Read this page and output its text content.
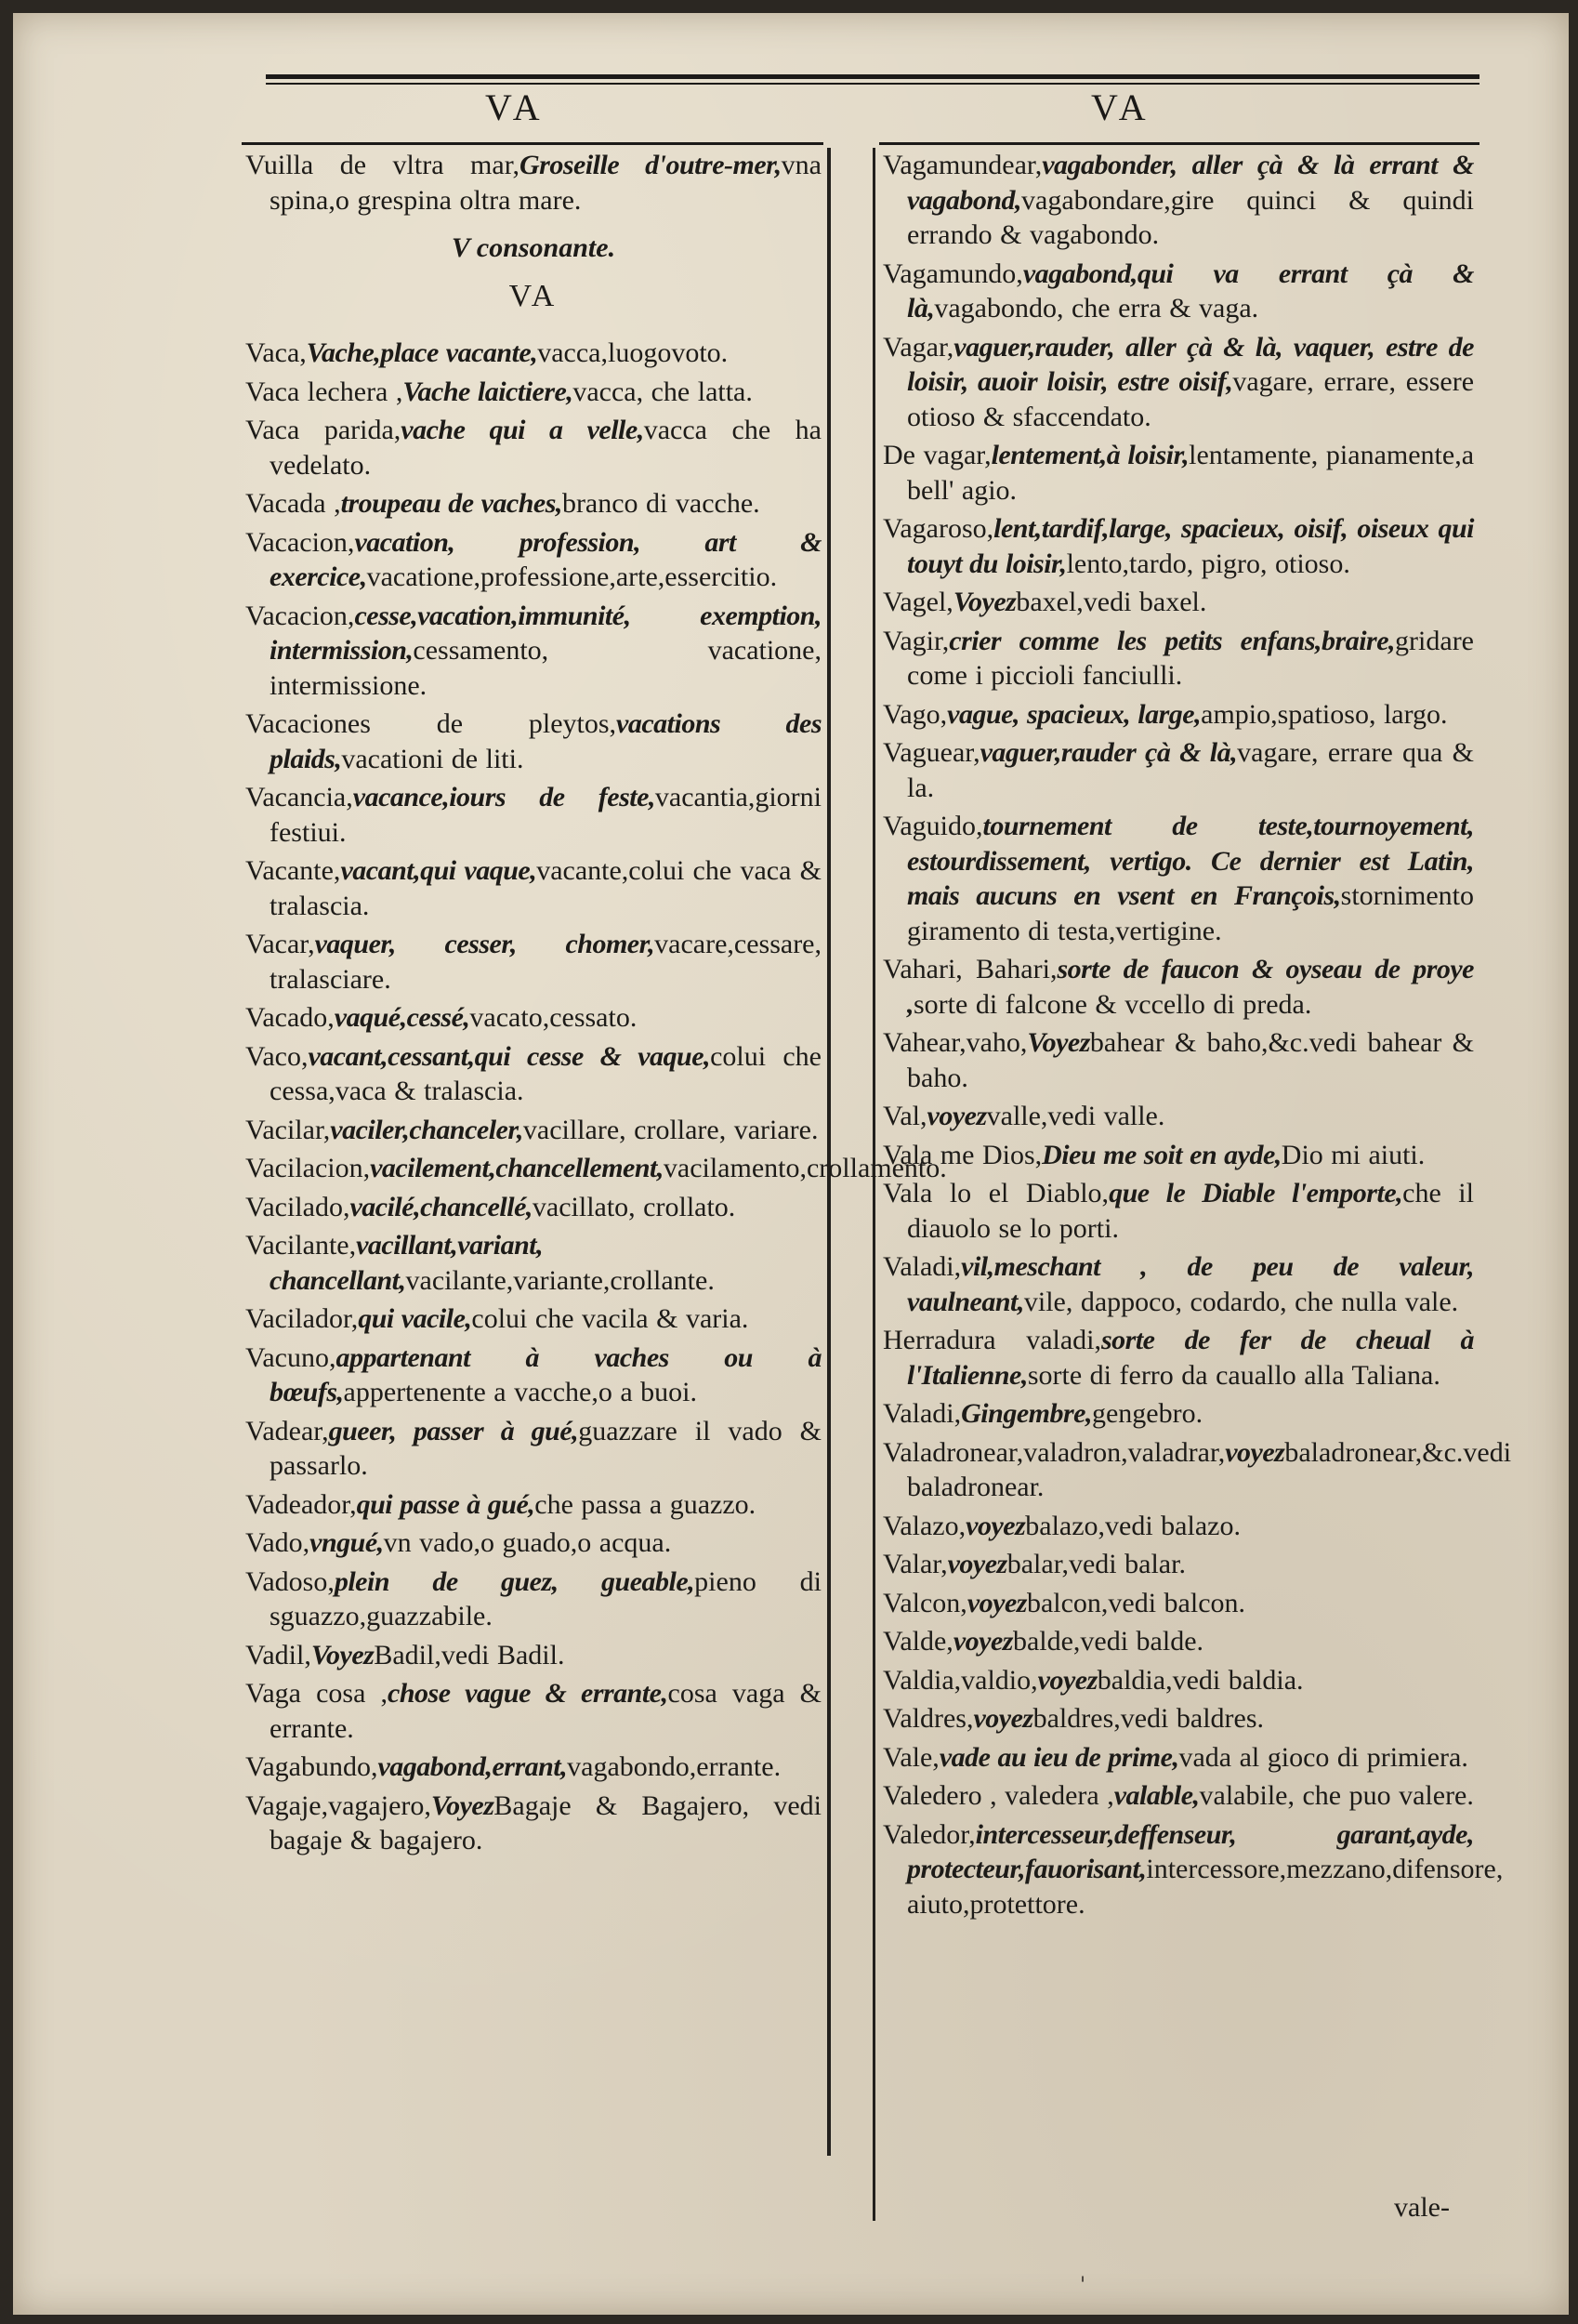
VA	VA

Vuilla de vltra mar,Groseille d'outre-mer,vna spina,o grespina oltra mare.

V consonante.
VA

Vaca,Vache,place vacante,vacca,luogovoto.

Vaca lechera ,Vache laictiere,vacca, che latta.

Vaca parida,vache qui a velle,vacca che ha vedelato.

Vacada ,troupeau de vaches,branco di vacche.

Vacacion,vacation, profession, art & exercice,vacatione,professione,arte,essercitio.

Vacacion,cesse,vacation,immunité, exemption, intermission,cessamento, vacatione, intermissione.

Vacaciones de pleytos,vacations des plaids,vacationi de liti.

Vacancia,vacance,iours de feste,vacantia,giorni festiui.

Vacante,vacant,qui vaque,vacante,colui che vaca & tralascia.

Vacar,vaquer, cesser, chomer,vacare,cessare, tralasciare.

Vacado,vaqué,cessé,vacato,cessato.

Vaco,vacant,cessant,qui cesse & vaque,colui che cessa,vaca & tralascia.

Vacilar,vaciler,chanceler,vacillare, crollare, variare.

Vacilacion,vacilement,chancellement,vacilamento,crollamento.

Vacilado,vacilé,chancellé,vacillato, crollato.

Vacilante,vacillant,variant, chancellant,vacilante,variante,crollante.

Vacilador,qui vacile,colui che vacila & varia.

Vacuno,appartenant à vaches ou à bœufs,appertenente a vacche,o a buoi.

Vadear,gueer, passer à gué,guazzare il vado & passarlo.

Vadeador,qui passe à gué,che passa a guazzo.

Vado,vngué,vn vado,o guado,o acqua.

Vadoso,plein de guez, gueable,pieno di sguazzo,guazzabile.

Vadil,VoyezBadil,vedi Badil.

Vaga cosa ,chose vague & errante,cosa vaga & errante.

Vagabundo,vagabond,errant,vagabondo,errante.

Vagaje,vagajero,VoyezBagaje & Bagajero, vedi bagaje & bagajero.

Vagamundear,vagabonder, aller çà & là errant & vagabond,vagabondare,gire quinci & quindi errando & vagabondo.

Vagamundo,vagabond,qui va errant çà & là,vagabondo, che erra & vaga.

Vagar,vaguer,rauder, aller çà & là, vaquer, estre de loisir, auoir loisir, estre oisif,vagare, errare, essere otioso & sfaccendato.

De vagar,lentement,à loisir,lentamente, pianamente,a bell' agio.

Vagaroso,lent,tardif,large, spacieux, oisif, oiseux qui touyt du loisir,lento,tardo, pigro, otioso.

Vagel,Voyezbaxel,vedi baxel.

Vagir,crier comme les petits enfans,braire,gridare come i piccioli fanciulli.

Vago,vague, spacieux, large,ampio,spatioso, largo.

Vaguear,vaguer,rauder çà & là,vagare, errare qua & la.

Vaguido,tournement de teste,tournoyement, estourdissement, vertigo. Ce dernier est Latin, mais aucuns en vsent en François,stornimento giramento di testa,vertigine.

Vahari, Bahari,sorte de faucon & oyseau de proye ,sorte di falcone & vccello di preda.

Vahear,vaho,Voyezbahear & baho,&c.vedi bahear & baho.

Val,voyezvalle,vedi valle.

Vala me Dios,Dieu me soit en ayde,Dio mi aiuti.

Vala lo el Diablo,que le Diable l'emporte,che il diauolo se lo porti.

Valadi,vil,meschant , de peu de valeur, vaulneant,vile, dappoco, codardo, che nulla vale.

Herradura valadi,sorte de fer de cheual à l'Italienne,sorte di ferro da cauallo alla Taliana.

Valadi,Gingembre,gengebro.

Valadronear,valadron,valadrar,voyezbaladronear,&c.vedi baladronear.

Valazo,voyezbalazo,vedi balazo.

Valar,voyezbalar,vedi balar.

Valcon,voyezbalcon,vedi balcon.

Valde,voyezbalde,vedi balde.

Valdia,valdio,voyezbaldia,vedi baldia.

Valdres,voyezbaldres,vedi baldres.

Vale,vade au ieu de prime,vada al gioco di primiera.

Valedero , valedera ,valable,valabile, che puo valere.

Valedor,intercesseur,deffenseur, garant,ayde, protecteur,fauorisant,intercessore,mezzano,difensore, aiuto,protettore.

vale-
'
